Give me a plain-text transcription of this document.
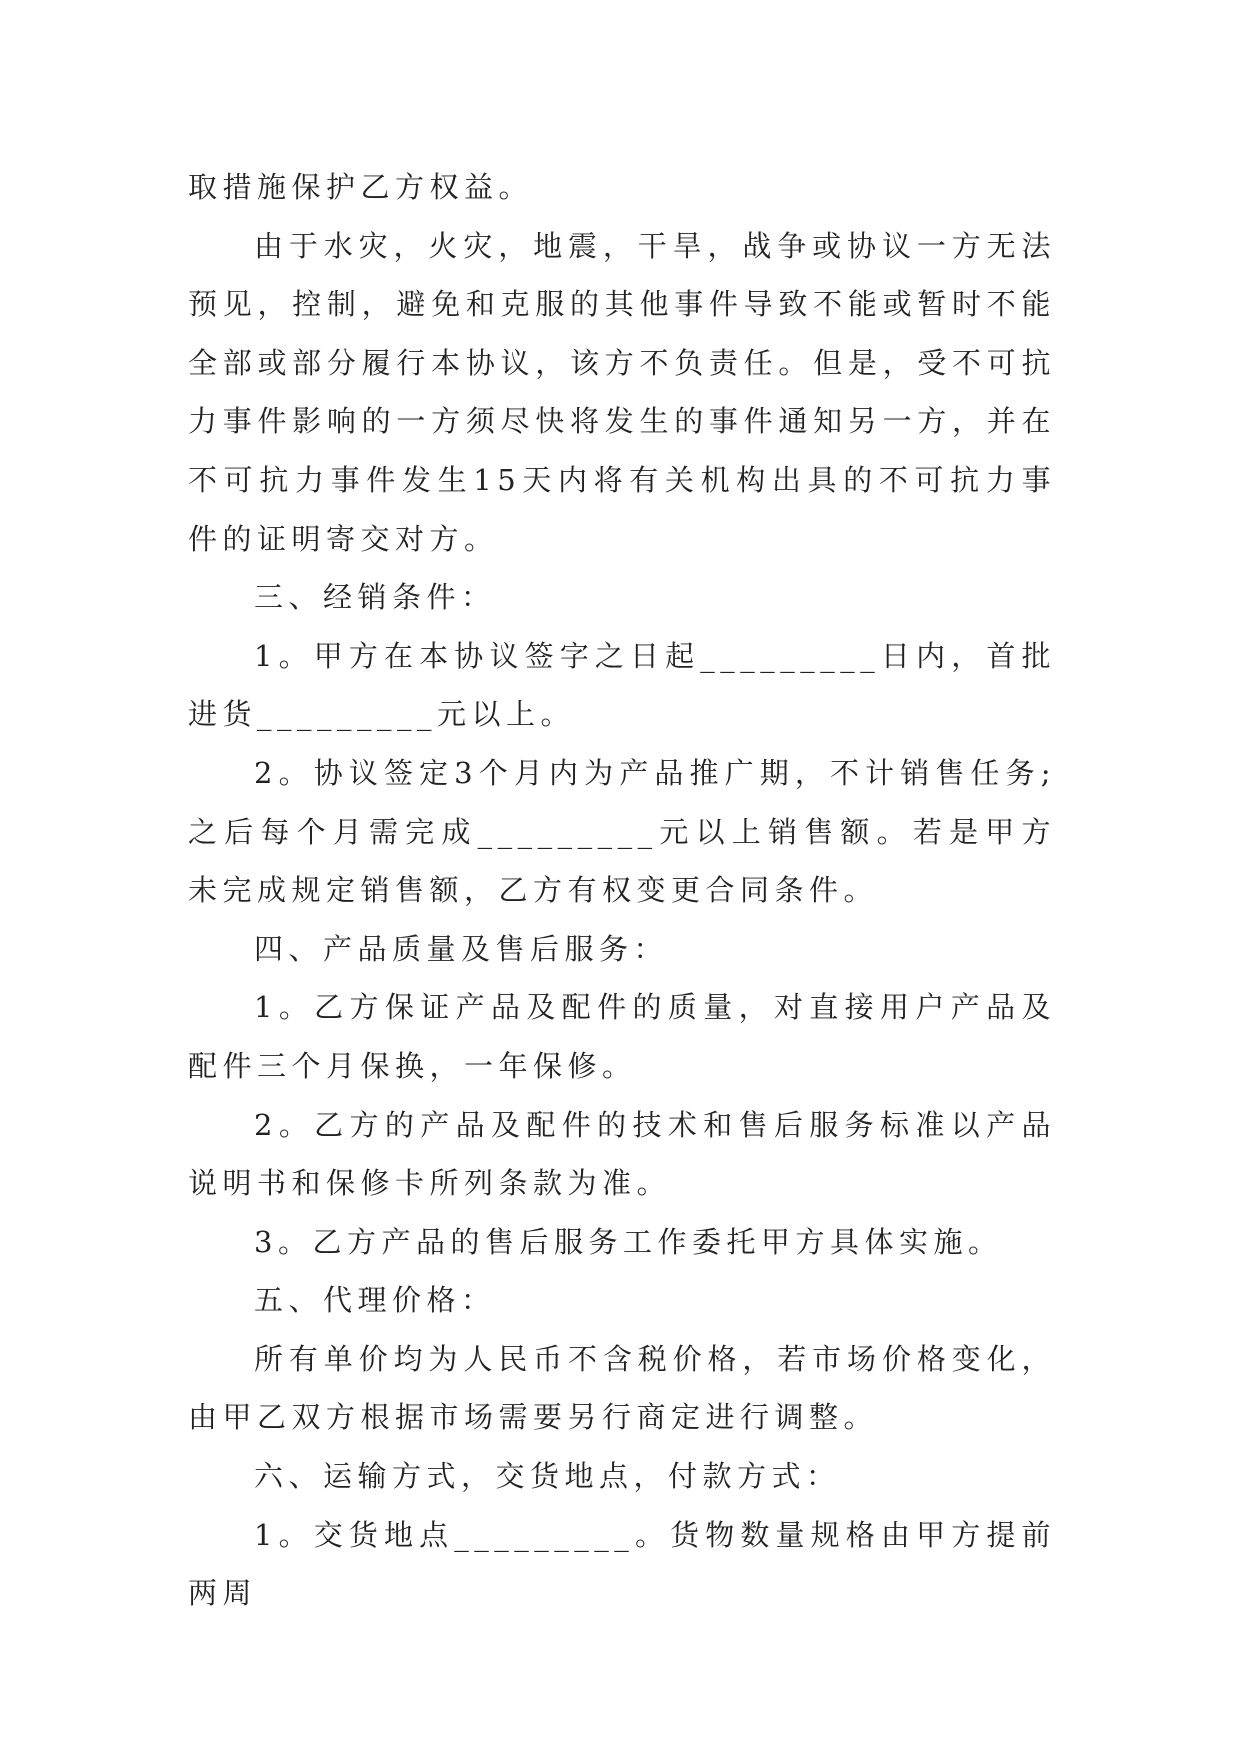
取措施保护乙方权益。

由于水灾，火灾，地震，干旱，战争或协议一方无法预见，控制，避免和克服的其他事件导致不能或暂时不能全部或部分履行本协议，该方不负责任。但是，受不可抗力事件影响的一方须尽快将发生的事件通知另一方，并在不可抗力事件发生15天内将有关机构出具的不可抗力事件的证明寄交对方。

三、经销条件：

1。甲方在本协议签字之日起_________日内，首批进货_________元以上。

2。协议签定3个月内为产品推广期，不计销售任务;之后每个月需完成_________元以上销售额。若是甲方未完成规定销售额，乙方有权变更合同条件。

四、产品质量及售后服务：

1。乙方保证产品及配件的质量，对直接用户产品及配件三个月保换，一年保修。

2。乙方的产品及配件的技术和售后服务标准以产品说明书和保修卡所列条款为准。

3。乙方产品的售后服务工作委托甲方具体实施。

五、代理价格：

所有单价均为人民币不含税价格，若市场价格变化，由甲乙双方根据市场需要另行商定进行调整。

六、运输方式，交货地点，付款方式：

1。交货地点_________。货物数量规格由甲方提前两周
